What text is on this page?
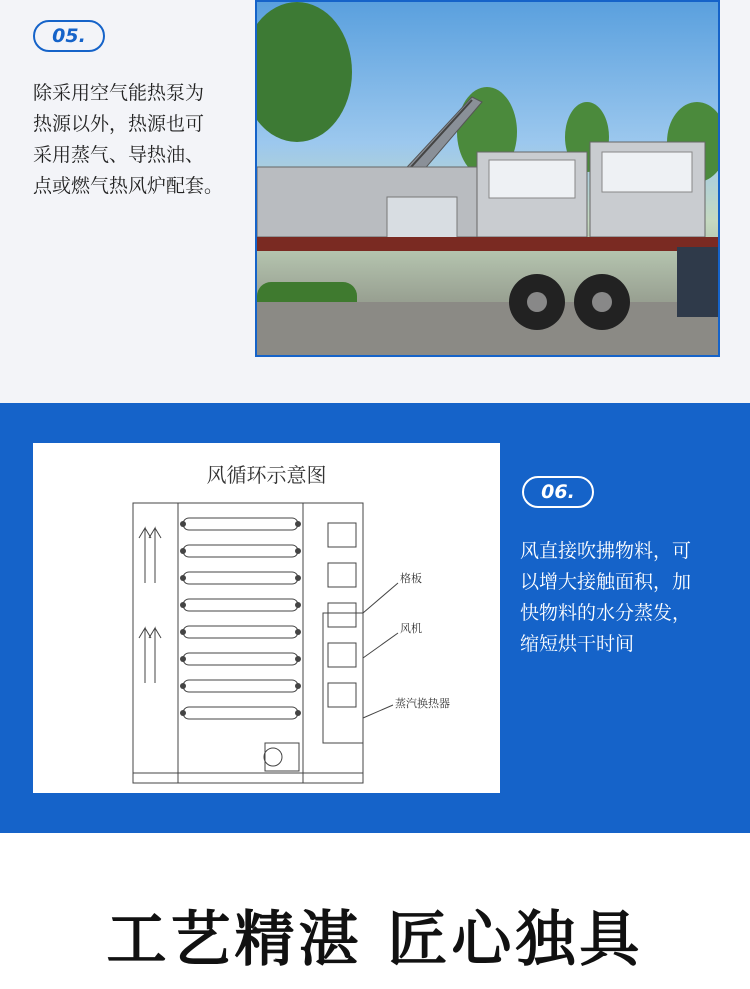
05.
除采用空气能热泵为
热源以外，热源也可
采用蒸气、导热油、
点或燃气热风炉配套。
风循环示意图
格板
风机
蒸汽换热器
06.
风直接吹拂物料，可
以增大接触面积，加
快物料的水分蒸发，
缩短烘干时间
工艺精湛 匠心独具
